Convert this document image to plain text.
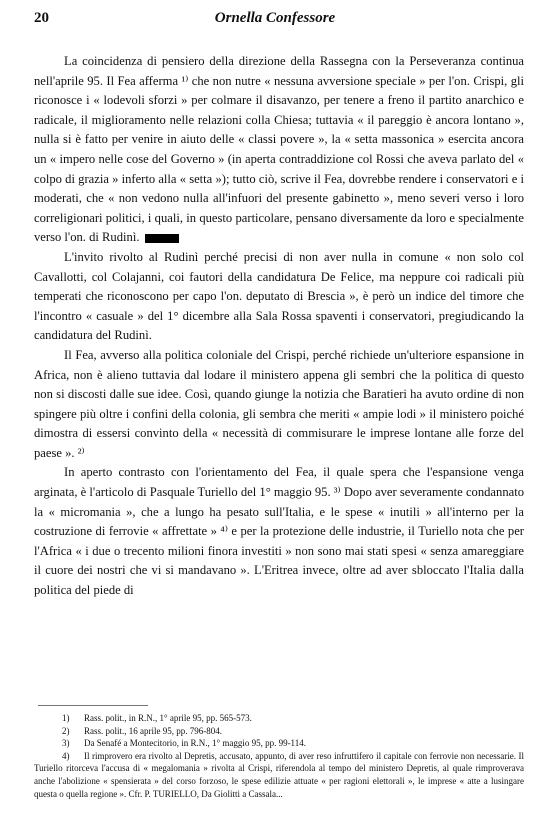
20	Ornella Confessore

La coincidenza di pensiero della direzione della Rassegna con la Perseveranza continua nell'aprile 95. Il Fea afferma ¹⁾ che non nutre « nessuna avversione speciale » per l'on. Crispi, gli riconosce i « lodevoli sforzi » per colmare il disavanzo, per tenere a freno il partito anarchico e radicale, il miglioramento nelle relazioni colla Chiesa; tuttavia « il pareggio è ancora lontano », nulla si è fatto per venire in aiuto delle « classi povere », la « setta massonica » esercita ancora un « impero nelle cose del Governo » (in aperta contraddizione col Rossi che aveva parlato del « colpo di grazia » inferto alla « setta »); tutto ciò, scrive il Fea, dovrebbe rendere i conservatori e i moderati, che « non vedono nulla all'infuori del presente gabinetto », meno severi verso i loro correligionari politici, i quali, in questo particolare, pensano diversamente da loro e specialmente verso l'on. di Rudinì.

L'invito rivolto al Rudinì perché precisi di non aver nulla in comune « non solo col Cavallotti, col Colajanni, coi fautori della candidatura De Felice, ma neppure coi radicali più temperati che riconoscono per capo l'on. deputato di Brescia », è però un indice del timore che l'incontro « casuale » del 1° dicembre alla Sala Rossa spaventi i conservatori, pregiudicando la candidatura del Rudinì.

Il Fea, avverso alla politica coloniale del Crispi, perché richiede un'ulteriore espansione in Africa, non è alieno tuttavia dal lodare il ministero appena gli sembri che la politica di questo non si discosti dalle sue idee. Così, quando giunge la notizia che Baratieri ha avuto ordine di non spingere più oltre i confini della colonia, gli sembra che meriti « ampie lodi » il ministero poiché dimostra di essersi convinto della « necessità di commisurare le imprese lontane alle forze del paese ». ²⁾

In aperto contrasto con l'orientamento del Fea, il quale spera che l'espansione venga arginata, è l'articolo di Pasquale Turiello del 1° maggio 95. ³⁾ Dopo aver severamente condannato la « micromania », che a lungo ha pesato sull'Italia, e le spese « inutili » all'interno per la costruzione di ferrovie « affrettate » ⁴⁾ e per la protezione delle industrie, il Turiello nota che per l'Africa « i due o trecento milioni finora investiti » non sono mai stati spesi « senza amareggiare il cuore dei nostri che vi si mandavano ». L'Eritrea invece, oltre ad aver sbloccato l'Italia dalla politica del piede di

1) Rass. polit., in R.N., 1° aprile 95, pp. 565-573.
2) Rass. polit., 16 aprile 95, pp. 796-804.
3) Da Senafé a Montecitorio, in R.N., 1° maggio 95, pp. 99-114.
4) Il rimprovero era rivolto al Depretis, accusato, appunto, di aver reso infruttifero il capitale con ferrovie non necessarie. Il Turiello ritorceva l'accusa di « megalomania » rivolta al Crispi, riferendola al tempo del ministero Depretis, al quale rimproverava anche l'abolizione « spensierata » del corso forzoso, le spese edilizie attuate « per ragioni elettorali », le imprese « atte a lusingare questa o quella regione ». Cfr. P. TURIELLO, Da Giolitti a Cassala...
